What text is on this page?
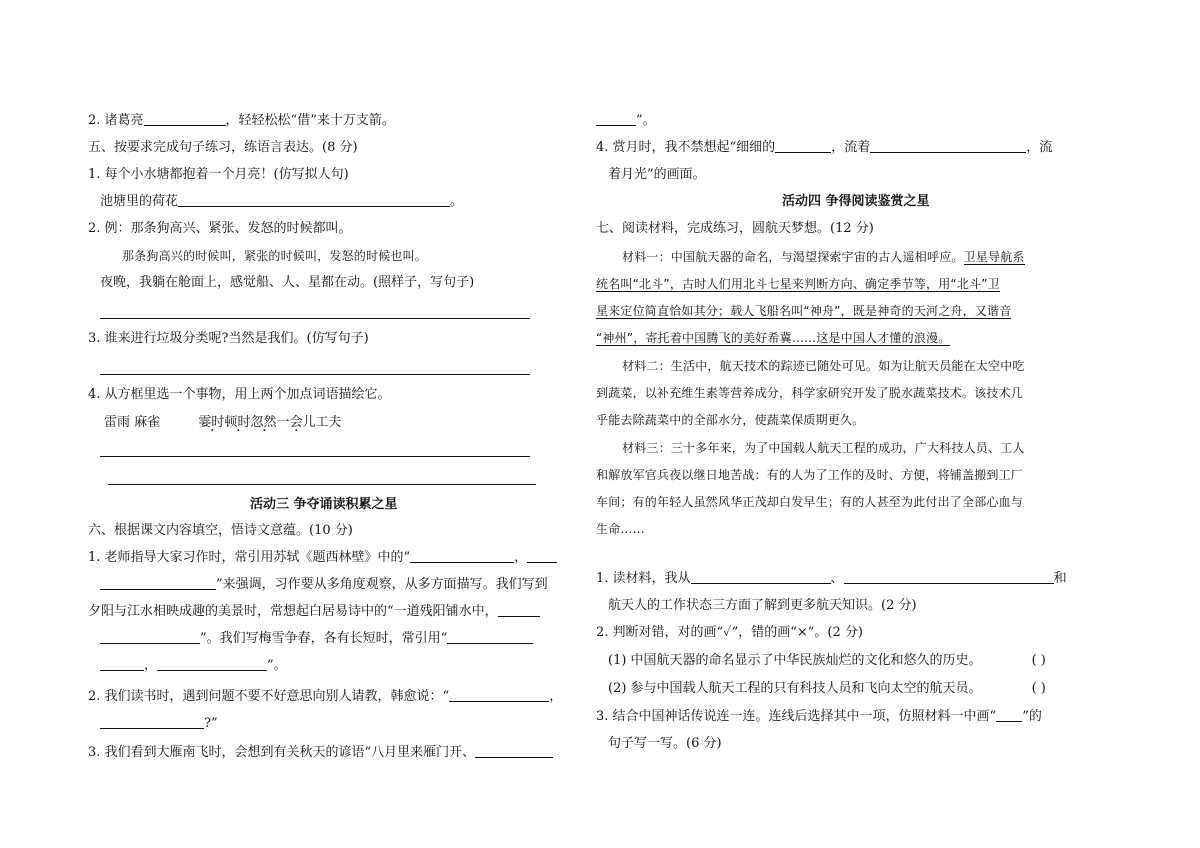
2. 诸葛亮	，轻轻松松“借”来十万支箭。
五、按要求完成句子练习，练语言表达。(8 分)
1. 每个小水塘都抱着一个月亮！(仿写拟人句)
池塘里的荷花	。
2. 例：那条狗高兴、紧张、发怒的时候都叫。
那条狗高兴的时候叫，紧张的时候叫，发怒的时候也叫。
夜晚，我躺在舱面上，感觉船、人、星都在动。(照样子，写句子)
3. 谁来进行垃圾分类呢?当然是我们。(仿写句子)
4. 从方框里选一个事物，用上两个加点词语描绘它。
雷雨 麻雀	霎时顿时忽然一会儿工夫
活动三 争夺诵读积累之星
六、根据课文内容填空，悟诗文意蕴。(10 分)
1. 老师指导大家习作时，常引用苏轼《题西林壁》中的“	，
”来强调，习作要从多角度观察，从多方面描写。我们写到
夕阳与江水相映成趣的美景时，常想起白居易诗中的“一道残阳铺水中，
”。我们写梅雪争春，各有长短时，常引用“
，	”。
2. 我们读书时，遇到问题不要不好意思向别人请教，韩愈说：“	，
?”
3. 我们看到大雁南飞时，会想到有关秋天的谚语“八月里来雁门开、
”。
4. 赏月时，我不禁想起“细细的	，流着	，流
着月光”的画面。
活动四 争得阅读鉴赏之星
七、阅读材料，完成练习，圆航天梦想。(12 分)
材料一：中国航天器的命名，与渴望探索宇宙的古人遥相呼应。卫星导航系
统名叫“北斗”，古时人们用北斗七星来判断方向、确定季节等，用“北斗”卫
星来定位简直恰如其分；载人飞船名叫“神舟”，既是神奇的天河之舟，又谐音
“神州”，寄托着中国腾飞的美好希冀……这是中国人才懂的浪漫。
材料二：生活中，航天技术的踪迹已随处可见。如为让航天员能在太空中吃
到蔬菜，以补充维生素等营养成分，科学家研究开发了脱水蔬菜技术。该技术几
乎能去除蔬菜中的全部水分，使蔬菜保质期更久。
材料三：三十多年来，为了中国载人航天工程的成功，广大科技人员、工人
和解放军官兵夜以继日地苦战：有的人为了工作的及时、方便，将铺盖搬到工厂
车间；有的年轻人虽然风华正茂却白发早生；有的人甚至为此付出了全部心血与
生命……
1. 读材料，我从	、	和
航天人的工作状态三方面了解到更多航天知识。(2 分)
2. 判断对错，对的画“✓”，错的画“×”。(2 分)
(1) 中国航天器的命名显示了中华民族灿烂的文化和悠久的历史。	( )
(2) 参与中国载人航天工程的只有科技人员和飞向太空的航天员。	( )
3. 结合中国神话传说连一连。连线后选择其中一项，仿照材料一中画“ ”的
句子写一写。(6 分)
